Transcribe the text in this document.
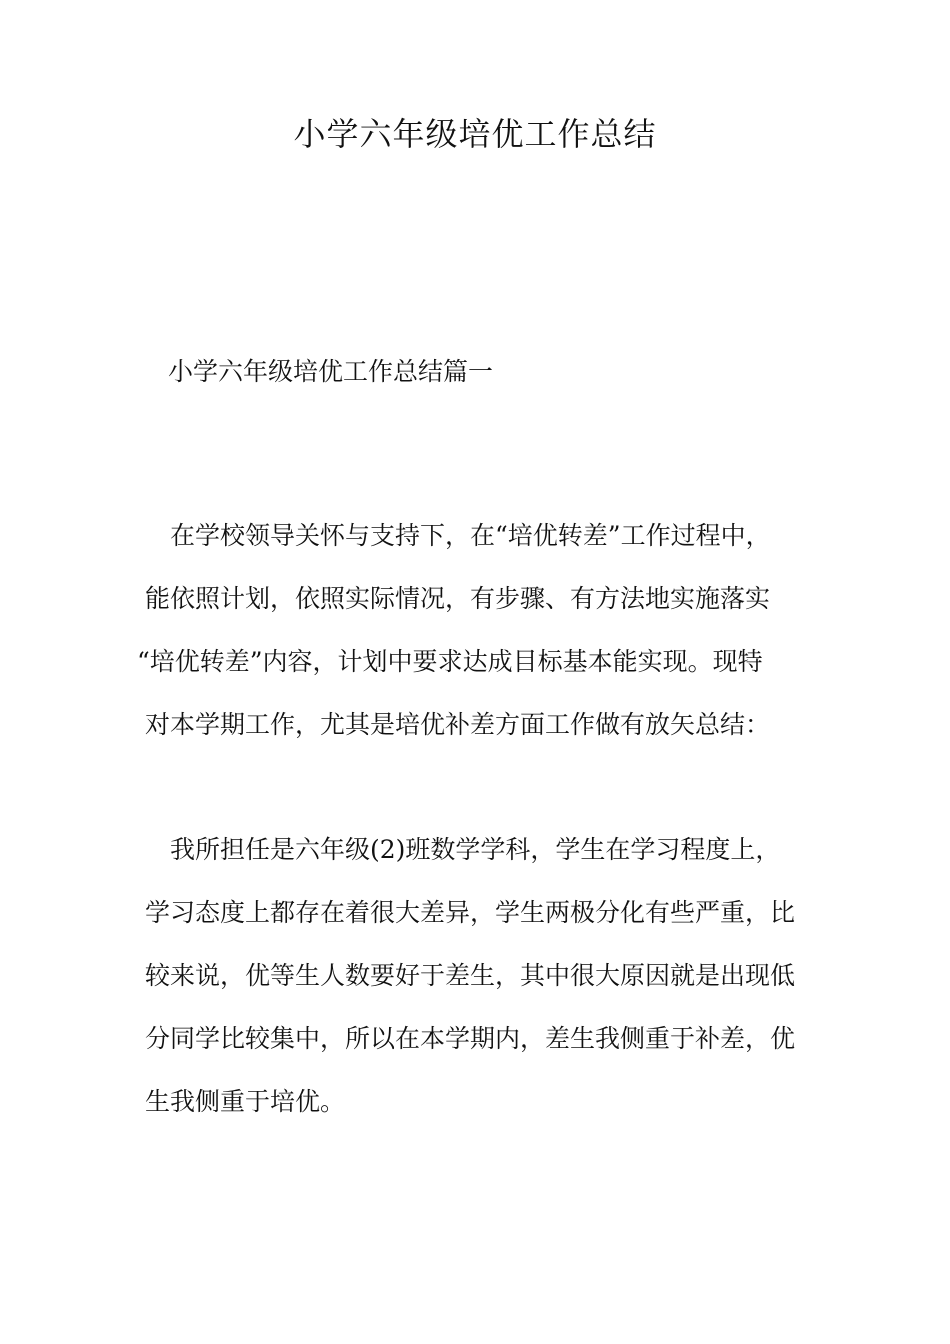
小学六年级培优工作总结
小学六年级培优工作总结篇一
在学校领导关怀与支持下，在“培优转差”工作过程中，
能依照计划，依照实际情况，有步骤、有方法地实施落实
“培优转差”内容，计划中要求达成目标基本能实现。现特
对本学期工作，尤其是培优补差方面工作做有放矢总结：
我所担任是六年级(2)班数学学科，学生在学习程度上，
学习态度上都存在着很大差异，学生两极分化有些严重，比
较来说，优等生人数要好于差生，其中很大原因就是出现低
分同学比较集中，所以在本学期内，差生我侧重于补差，优
生我侧重于培优。
